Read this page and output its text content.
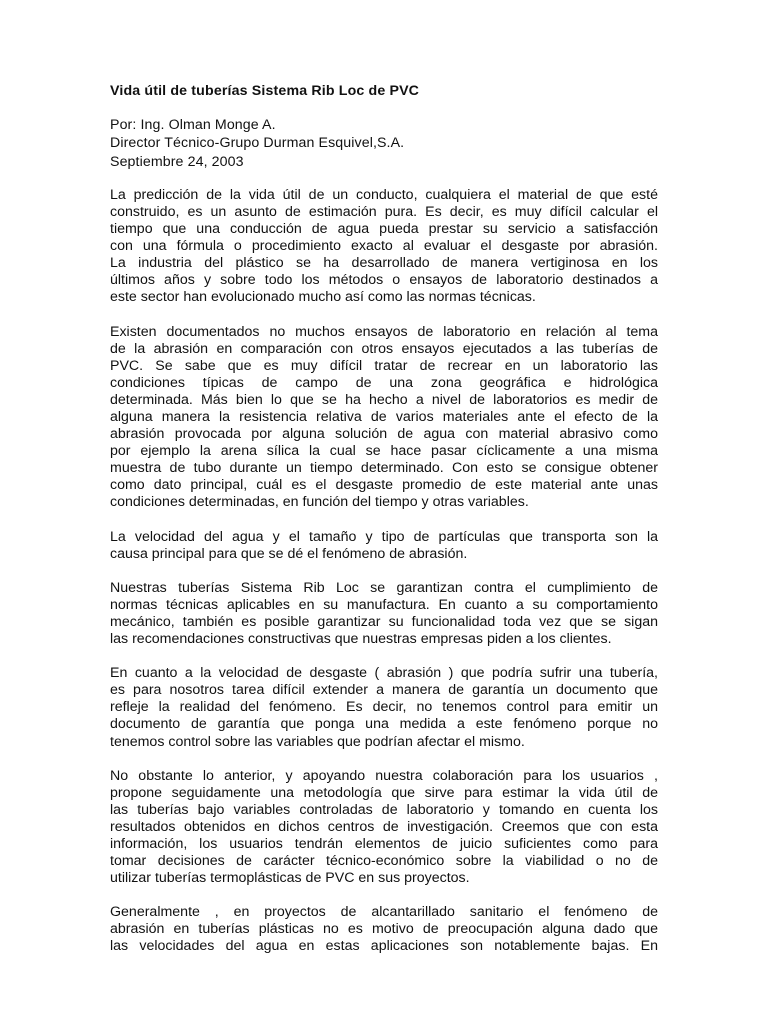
Vida útil de tuberías Sistema Rib Loc de PVC
Por: Ing. Olman Monge A.
Director Técnico-Grupo Durman Esquivel,S.A.
Septiembre 24, 2003
La predicción de la vida útil de un conducto, cualquiera el material de que esté
construido, es un asunto de estimación pura. Es decir, es muy difícil calcular el
tiempo que una conducción de agua pueda prestar su servicio a satisfacción
con una fórmula o procedimiento exacto al evaluar el desgaste por abrasión.
La industria del plástico se ha desarrollado de manera vertiginosa en los
últimos años y sobre todo los métodos o ensayos de laboratorio destinados a
este sector han evolucionado mucho así como las normas técnicas.
Existen documentados no muchos ensayos de laboratorio en relación al tema
de la abrasión en comparación con otros ensayos ejecutados a las tuberías de
PVC. Se sabe que es muy difícil tratar de recrear en un laboratorio las
condiciones típicas de campo de una zona geográfica e hidrológica
determinada. Más bien lo que se ha hecho a nivel de laboratorios es medir de
alguna manera la resistencia relativa de varios materiales ante el efecto de la
abrasión provocada por alguna solución de agua con material abrasivo como
por ejemplo la arena sílica la cual se hace pasar cíclicamente a una misma
muestra de tubo durante un tiempo determinado. Con esto se consigue obtener
como dato principal, cuál es el desgaste promedio de este material ante unas
condiciones determinadas, en función del tiempo y otras variables.
La velocidad del agua y el tamaño y tipo de partículas que transporta son la
causa principal para que se dé el fenómeno de abrasión.
Nuestras tuberías Sistema Rib Loc se garantizan contra el cumplimiento de
normas técnicas aplicables en su manufactura. En cuanto a su comportamiento
mecánico, también es posible garantizar su funcionalidad toda vez que se sigan
las recomendaciones constructivas que nuestras empresas piden a los clientes.
En cuanto a la velocidad de desgaste ( abrasión ) que podría sufrir una tubería,
es para nosotros tarea difícil extender a manera de garantía un documento que
refleje la realidad del fenómeno. Es decir, no tenemos control para emitir un
documento de garantía que ponga una medida a este fenómeno porque no
tenemos control sobre las variables que podrían afectar el mismo.
No obstante lo anterior, y apoyando nuestra colaboración para los usuarios ,
propone seguidamente una metodología que sirve para estimar la vida útil de
las tuberías bajo variables controladas de laboratorio y tomando en cuenta los
resultados obtenidos en dichos centros de investigación. Creemos que con esta
información, los usuarios tendrán elementos de juicio suficientes como para
tomar decisiones de carácter técnico-económico sobre la viabilidad o no de
utilizar tuberías termoplásticas de PVC en sus proyectos.
Generalmente , en proyectos de alcantarillado sanitario el fenómeno de
abrasión en tuberías plásticas no es motivo de preocupación alguna dado que
las velocidades del agua en estas aplicaciones son notablemente bajas. En
